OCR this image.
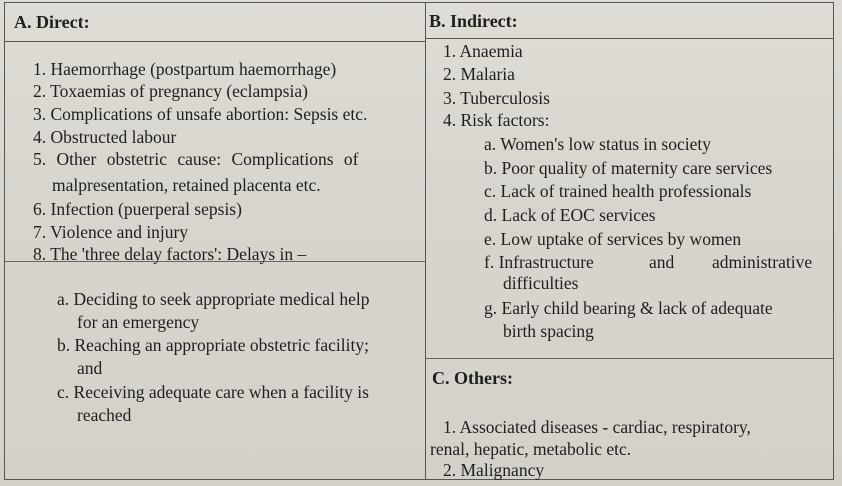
A. Direct:
1. Haemorrhage (postpartum haemorrhage)
2. Toxaemias of pregnancy (eclampsia)
3. Complications of unsafe abortion: Sepsis etc.
4. Obstructed labour
5. Other obstetric cause: Complications of
malpresentation, retained placenta etc.
6. Infection (puerperal sepsis)
7. Violence and injury
8. The 'three delay factors': Delays in –
a. Deciding to seek appropriate medical help
for an emergency
b. Reaching an appropriate obstetric facility;
and
c. Receiving adequate care when a facility is
reached
B. Indirect:
1. Anaemia
2. Malaria
3. Tuberculosis
4. Risk factors:
a. Women's low status in society
b. Poor quality of maternity care services
c. Lack of trained health professionals
d. Lack of EOC services
e. Low uptake of services by women
f. Infrastructure	and administrative
difficulties
g. Early child bearing & lack of adequate
birth spacing
C. Others:
1. Associated diseases - cardiac, respiratory,
renal, hepatic, metabolic etc.
2. Malignancy
